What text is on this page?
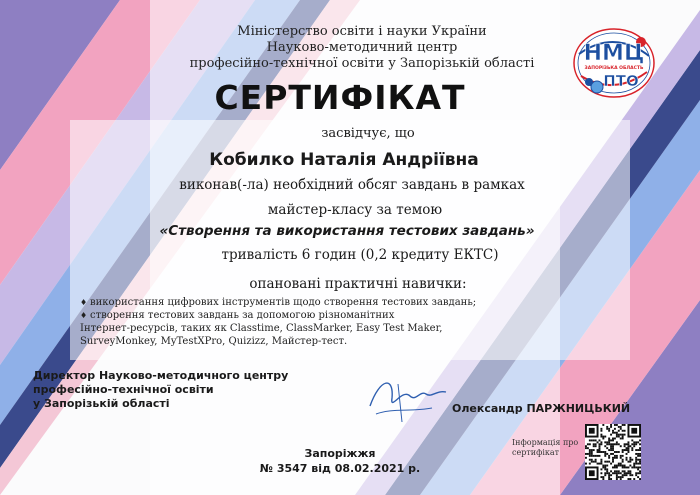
Міністерство освіти і науки України
Науково-методичний центр
професійно-технічної освіти у Запорізькій області	НМЦ
ЗАПОРІЗЬКА ОБЛАСТЬ
ПТО
СЕРТИФІКАТ
засвідчує, що
Кобилко Наталія Андріївна
виконав(-ла) необхідний обсяг завдань в рамках
майстер-класу за темою
«Створення та використання тестових завдань»
тривалість 6 годин (0,2 кредиту ЕКТС)
опановані практичні навички:
♦ використання цифрових інструментів щодо створення тестових завдань;
♦ створення тестових завдань за допомогою різноманітних
Інтернет-ресурсів, таких як Classtime, ClassMarker, Easy Test Maker,
SurveyMonkey, MyTestXPro, Quizizz, Майстер-тест.
Директор Науково-методичного центру
професійно-технічної освіти
у Запорізькій області	Олександр ПАРЖНИЦЬКИЙ
Запоріжжя
№ 3547 від 08.02.2021 р.
Інформація про сертифікат
